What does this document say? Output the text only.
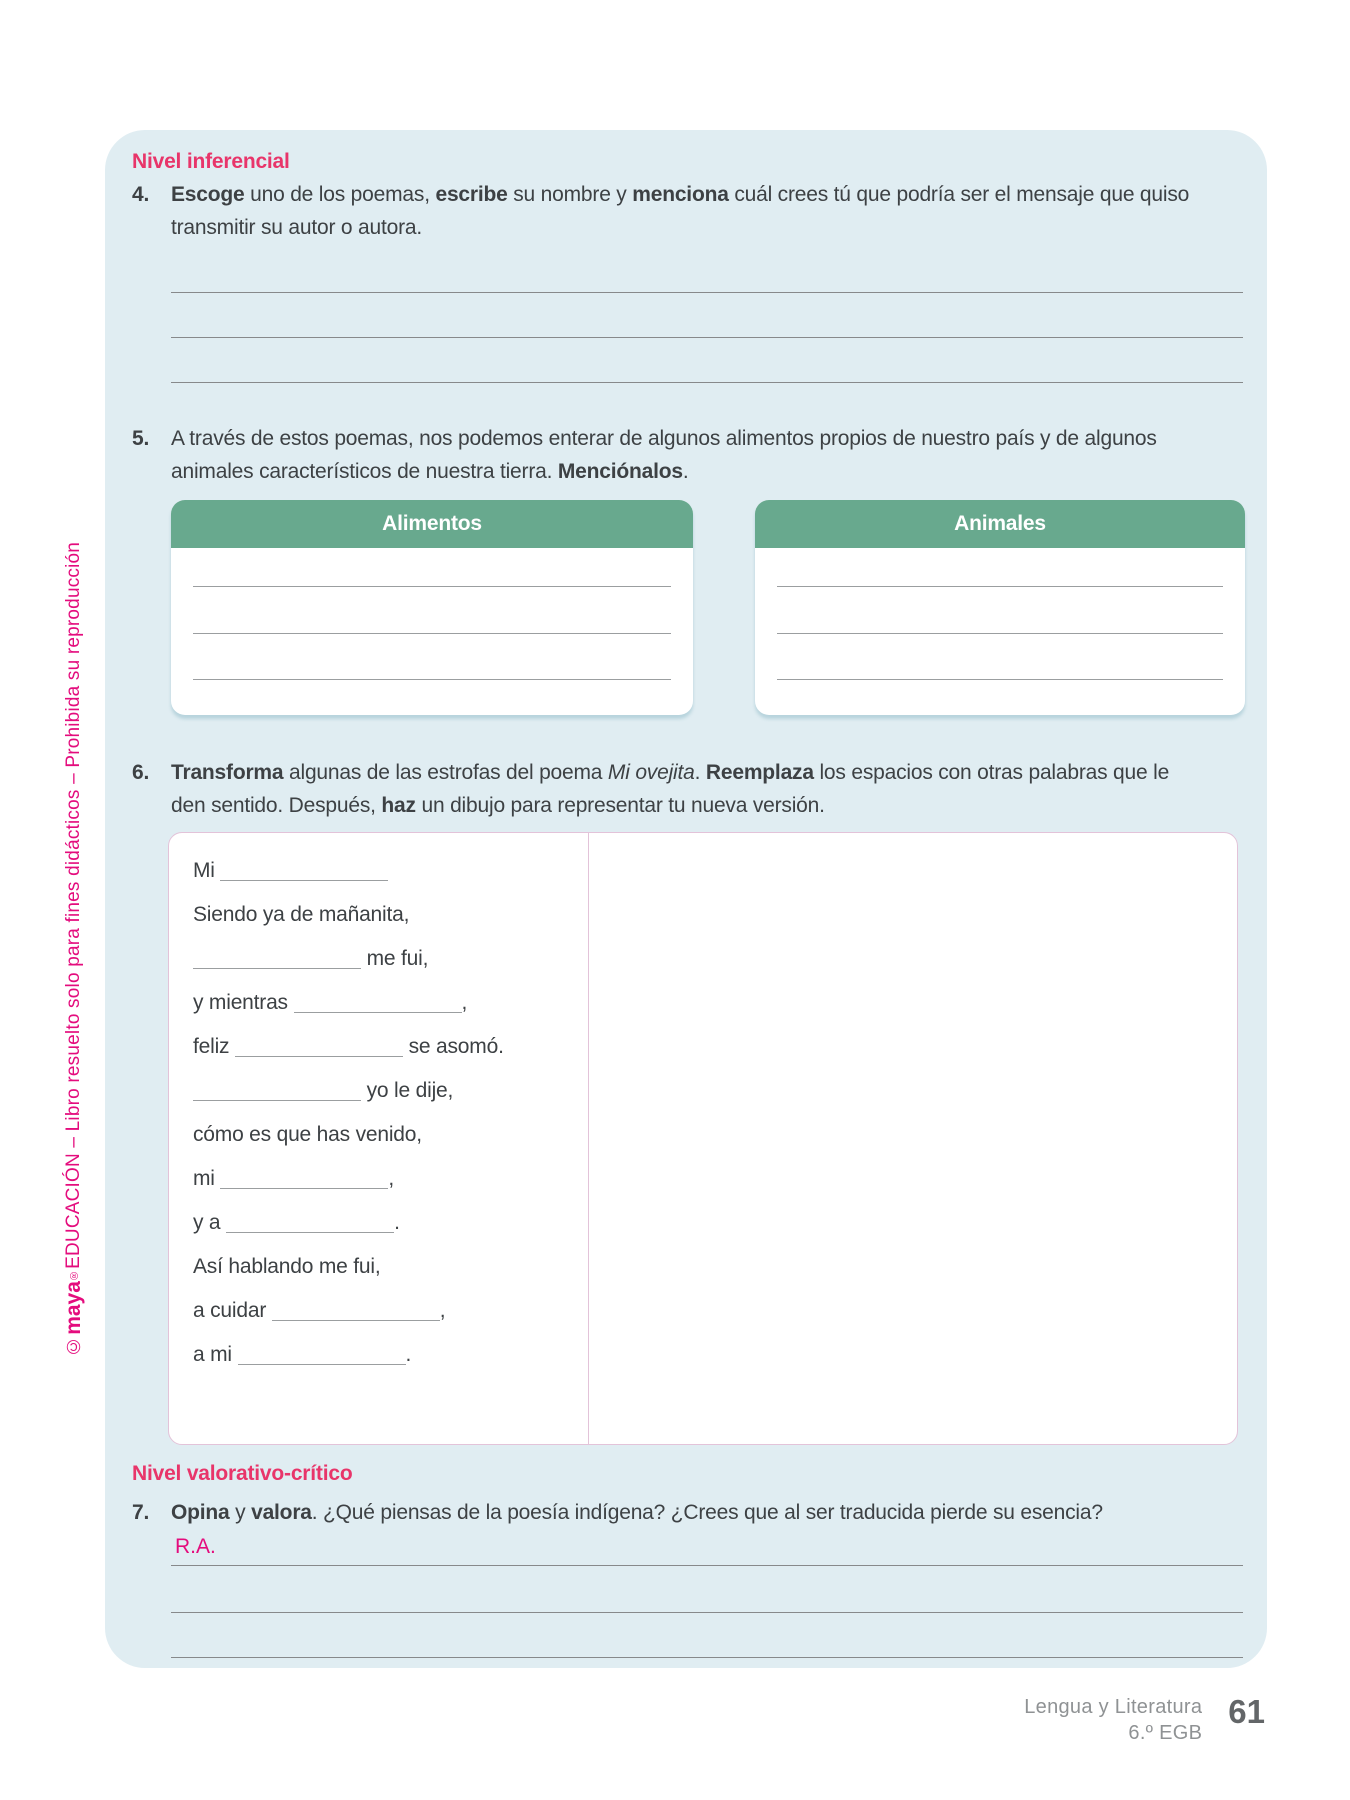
©maya®EDUCACIÓN – Libro resuelto solo para fines didácticos – Prohibida su reproducción
Nivel inferencial
4. Escoge uno de los poemas, escribe su nombre y menciona cuál crees tú que podría ser el mensaje que quiso transmitir su autor o autora.
5. A través de estos poemas, nos podemos enterar de algunos alimentos propios de nuestro país y de algunos animales característicos de nuestra tierra. Menciónalos.
Alimentos	Animales
6. Transforma algunas de las estrofas del poema Mi ovejita. Reemplaza los espacios con otras palabras que le den sentido. Después, haz un dibujo para representar tu nueva versión.
Mi
Siendo ya de mañanita,
me fui,
y mientras	,
feliz	se asomó.
yo le dije,
cómo es que has venido,
mi	,
y a	.
Así hablando me fui,
a cuidar	,
a mi	.
Nivel valorativo-crítico
7. Opina y valora. ¿Qué piensas de la poesía indígena? ¿Crees que al ser traducida pierde su esencia?
R.A.
Lengua y Literatura
6.º EGB
61
